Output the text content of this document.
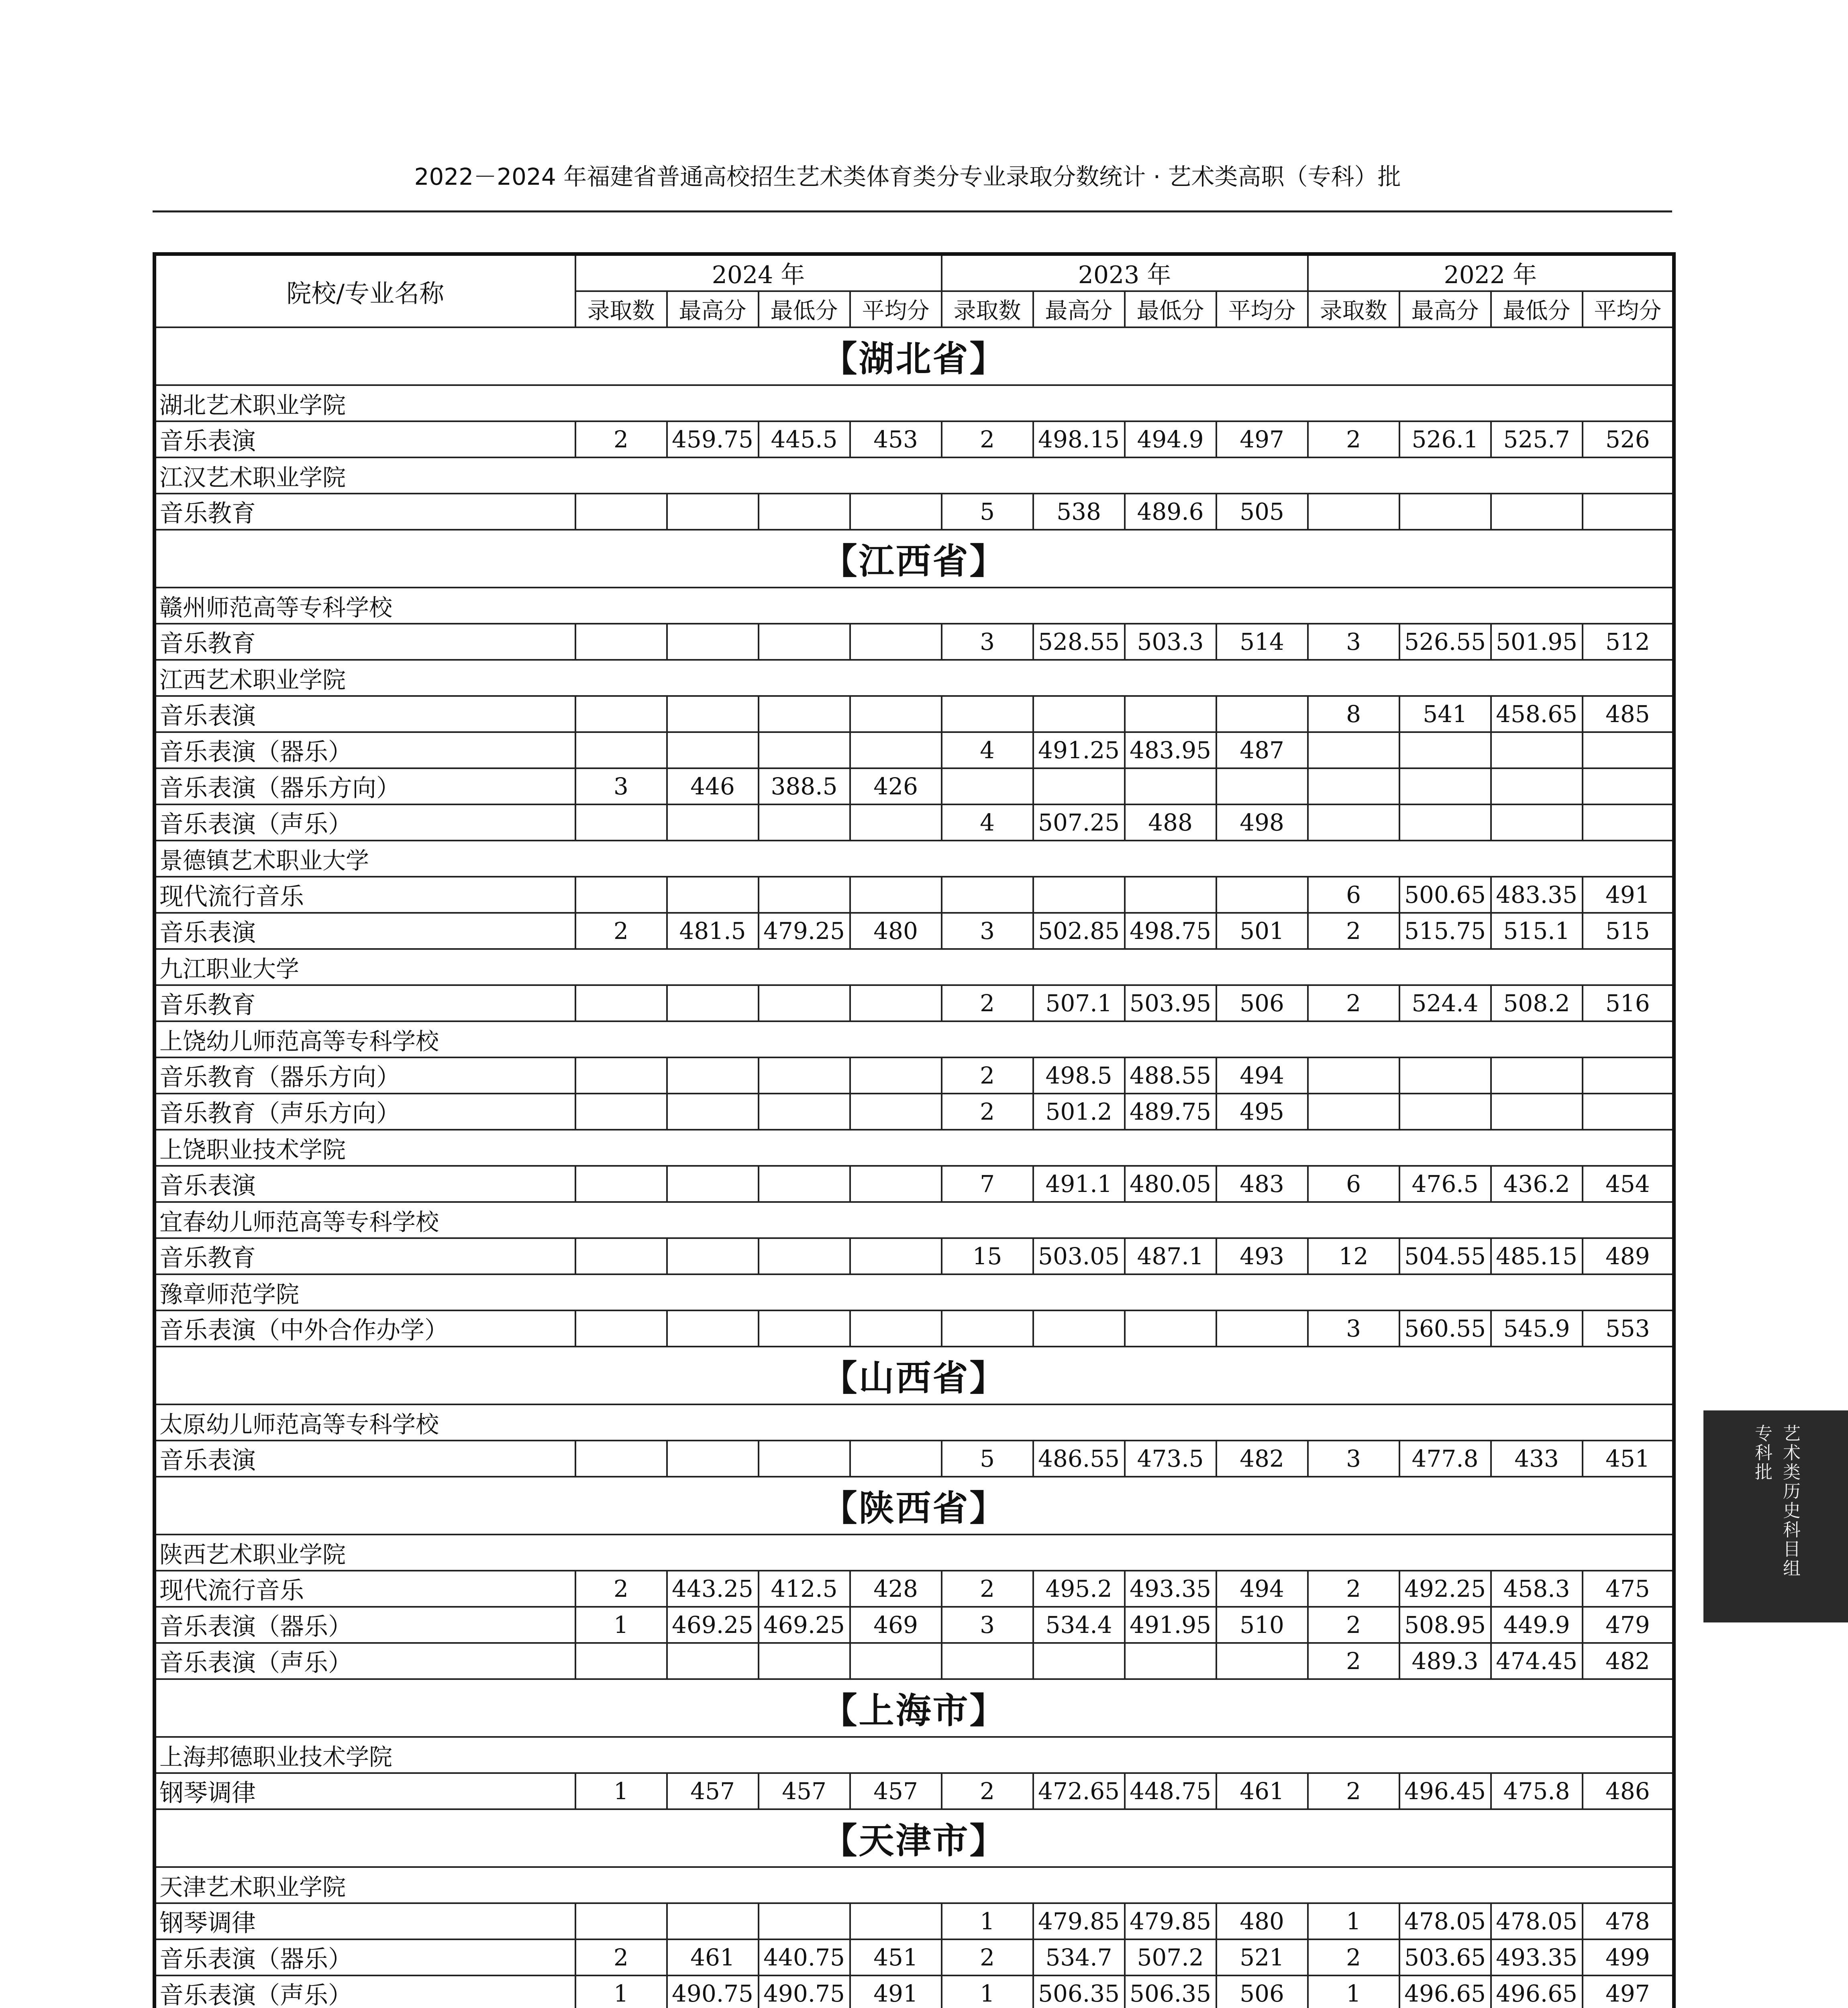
2022－2024 年福建省普通高校招生艺术类体育类分专业录取分数统计 · 艺术类高职（专科）批
院校/专业名称	2024 年				2023 年				2022 年			
	录取数	最高分	最低分	平均分	录取数	最高分	最低分	平均分	录取数	最高分	最低分	平均分
【湖北省】												
湖北艺术职业学院												
音乐表演	2	459.75	445.5	453	2	498.15	494.9	497	2	526.1	525.7	526
江汉艺术职业学院												
音乐教育					5	538	489.6	505				
【江西省】												
赣州师范高等专科学校												
音乐教育					3	528.55	503.3	514	3	526.55	501.95	512
江西艺术职业学院												
音乐表演									8	541	458.65	485
音乐表演（器乐）					4	491.25	483.95	487				
音乐表演（器乐方向）	3	446	388.5	426								
音乐表演（声乐）					4	507.25	488	498				
景德镇艺术职业大学												
现代流行音乐									6	500.65	483.35	491
音乐表演	2	481.5	479.25	480	3	502.85	498.75	501	2	515.75	515.1	515
九江职业大学												
音乐教育					2	507.1	503.95	506	2	524.4	508.2	516
上饶幼儿师范高等专科学校												
音乐教育（器乐方向）					2	498.5	488.55	494				
音乐教育（声乐方向）					2	501.2	489.75	495				
上饶职业技术学院												
音乐表演					7	491.1	480.05	483	6	476.5	436.2	454
宜春幼儿师范高等专科学校												
音乐教育					15	503.05	487.1	493	12	504.55	485.15	489
豫章师范学院												
音乐表演（中外合作办学）									3	560.55	545.9	553
【山西省】												
太原幼儿师范高等专科学校												
音乐表演					5	486.55	473.5	482	3	477.8	433	451
【陕西省】												
陕西艺术职业学院												
现代流行音乐	2	443.25	412.5	428	2	495.2	493.35	494	2	492.25	458.3	475
音乐表演（器乐）	1	469.25	469.25	469	3	534.4	491.95	510	2	508.95	449.9	479
音乐表演（声乐）									2	489.3	474.45	482
【上海市】												
上海邦德职业技术学院												
钢琴调律	1	457	457	457	2	472.65	448.75	461	2	496.45	475.8	486
【天津市】												
天津艺术职业学院												
钢琴调律					1	479.85	479.85	480	1	478.05	478.05	478
音乐表演（器乐）	2	461	440.75	451	2	534.7	507.2	521	2	503.65	493.35	499
音乐表演（声乐）	1	490.75	490.75	491	1	506.35	506.35	506	1	496.65	496.65	497

艺术类历史科目组
专科批
